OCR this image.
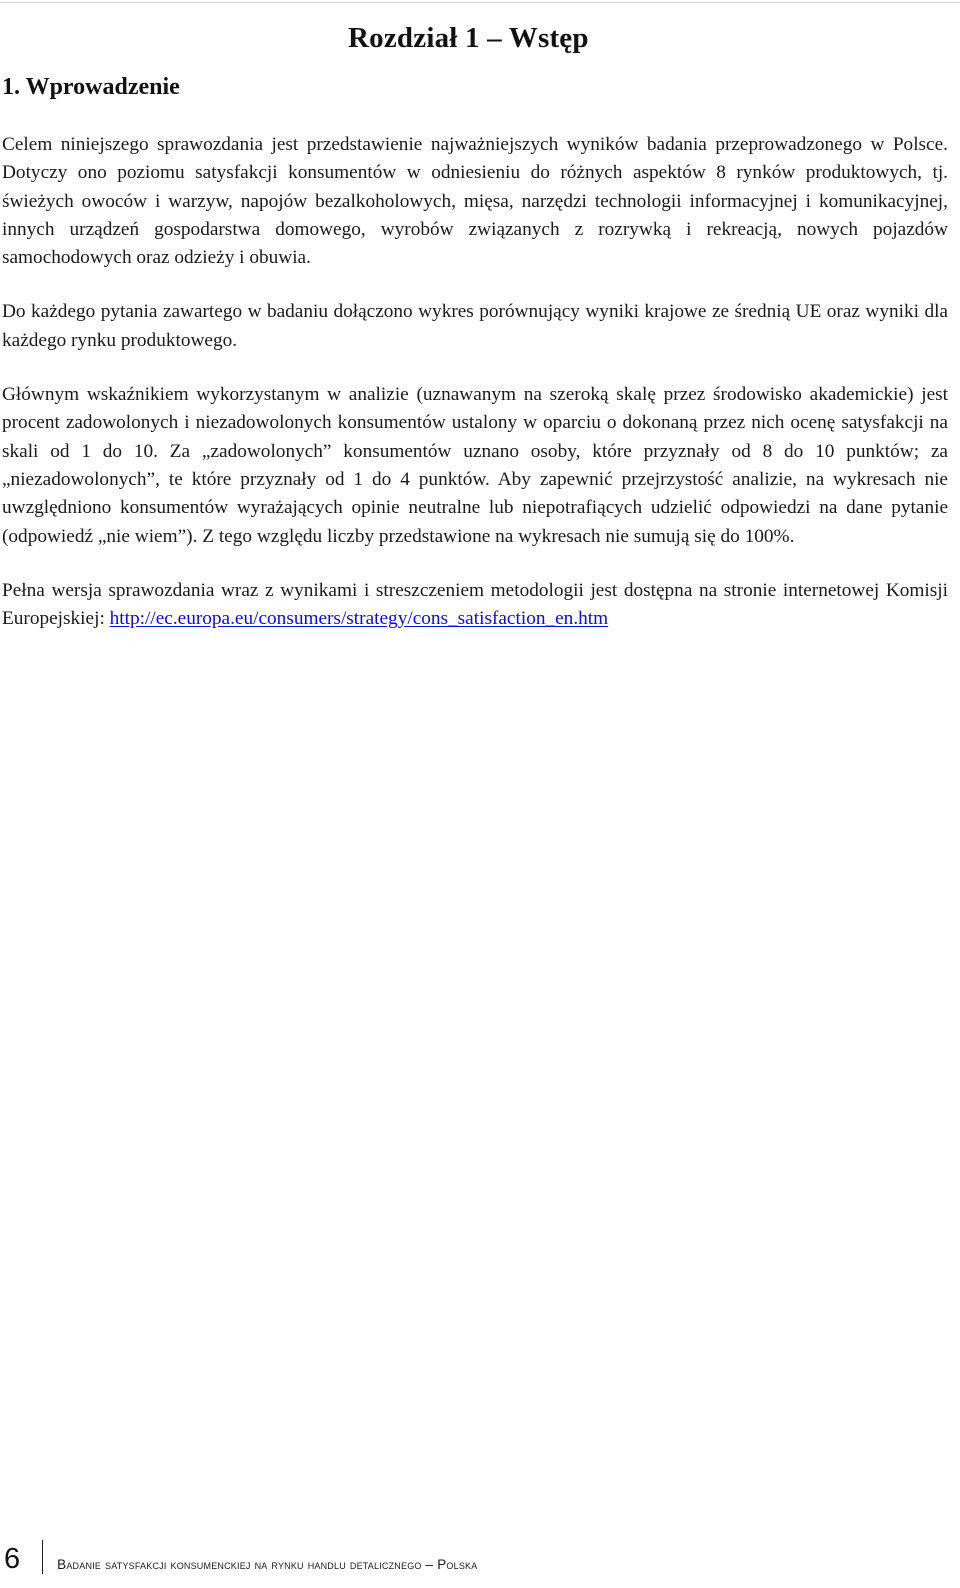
Rozdział 1 – Wstęp
1. Wprowadzenie

Celem niniejszego sprawozdania jest przedstawienie najważniejszych wyników badania przeprowadzonego w Polsce. Dotyczy ono poziomu satysfakcji konsumentów w odniesieniu do różnych aspektów 8 rynków produktowych, tj. świeżych owoców i warzyw, napojów bezalkoholowych, mięsa, narzędzi technologii informacyjnej i komunikacyjnej, innych urządzeń gospodarstwa domowego, wyrobów związanych z rozrywką i rekreacją, nowych pojazdów samochodowych oraz odzieży i obuwia.

Do każdego pytania zawartego w badaniu dołączono wykres porównujący wyniki krajowe ze średnią UE oraz wyniki dla każdego rynku produktowego.

Głównym wskaźnikiem wykorzystanym w analizie (uznawanym na szeroką skalę przez środowisko akademickie) jest procent zadowolonych i niezadowolonych konsumentów ustalony w oparciu o dokonaną przez nich ocenę satysfakcji na skali od 1 do 10. Za „zadowolonych” konsumentów uznano osoby, które przyznały od 8 do 10 punktów; za „niezadowolonych”, te które przyznały od 1 do 4 punktów. Aby zapewnić przejrzystość analizie, na wykresach nie uwzględniono konsumentów wyrażających opinie neutralne lub niepotrafiących udzielić odpowiedzi na dane pytanie (odpowiedź „nie wiem”). Z tego względu liczby przedstawione na wykresach nie sumują się do 100%.

Pełna wersja sprawozdania wraz z wynikami i streszczeniem metodologii jest dostępna na stronie internetowej Komisji Europejskiej: http://ec.europa.eu/consumers/strategy/cons_satisfaction_en.htm

6	Badanie satysfakcji konsumenckiej na rynku handlu detalicznego – Polska
